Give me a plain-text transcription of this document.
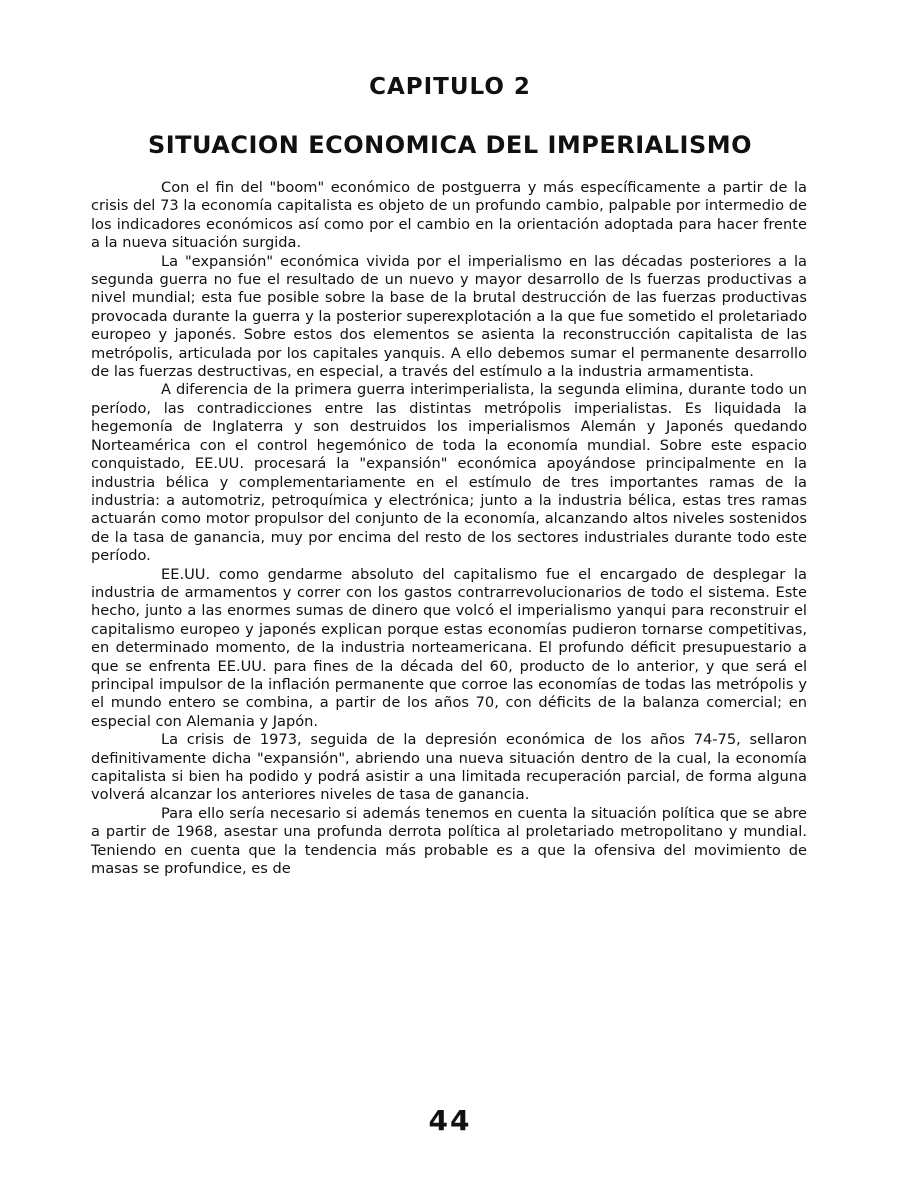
CAPITULO 2
SITUACION ECONOMICA DEL IMPERIALISMO

Con el fin del "boom" económico de postguerra y más específicamente a partir de la crisis del 73 la economía capitalista es objeto de un profundo cambio, palpable por intermedio de los indicadores económicos así como por el cambio en la orientación adoptada para hacer frente a la nueva situación surgida.

La "expansión" económica vivida por el imperialismo en las décadas posteriores a la segunda guerra no fue el resultado de un nuevo y mayor desarrollo de ls fuerzas productivas a nivel mundial; esta fue posible sobre la base de la brutal destrucción de las fuerzas productivas provocada durante la guerra y la posterior superexplotación a la que fue sometido el proletariado europeo y japonés. Sobre estos dos elementos se asienta la reconstrucción capitalista de las metrópolis, articulada por los capitales yanquis. A ello debemos sumar el permanente desarrollo de las fuerzas destructivas, en especial, a través del estímulo a la industria armamentista.

A diferencia de la primera guerra interimperialista, la segunda elimina, durante todo un período, las contradicciones entre las distintas metrópolis imperialistas. Es liquidada la hegemonía de Inglaterra y son destruidos los imperialismos Alemán y Japonés quedando Norteamérica con el control hegemónico de toda la economía mundial. Sobre este espacio conquistado, EE.UU. procesará la "expansión" económica apoyándose principalmente en la industria bélica y complementariamente en el estímulo de tres importantes ramas de la industria: a automotriz, petroquímica y electrónica; junto a la industria bélica, estas tres ramas actuarán como motor propulsor del conjunto de la economía, alcanzando altos niveles sostenidos de la tasa de ganancia, muy por encima del resto de los sectores industriales durante todo este período.

EE.UU. como gendarme absoluto del capitalismo fue el encargado de desplegar la industria de armamentos y correr con los gastos contrarrevolucionarios de todo el sistema. Este hecho, junto a las enormes sumas de dinero que volcó el imperialismo yanqui para reconstruir el capitalismo europeo y japonés explican porque estas economías pudieron tornarse competitivas, en determinado momento, de la industria norteamericana. El profundo déficit presupuestario a que se enfrenta EE.UU. para fines de la década del 60, producto de lo anterior, y que será el principal impulsor de la inflación permanente que corroe las economías de todas las metrópolis y el mundo entero se combina, a partir de los años 70, con déficits de la balanza comercial; en especial con Alemania y Japón.

La crisis de 1973, seguida de la depresión económica de los años 74-75, sellaron definitivamente dicha "expansión", abriendo una nueva situación dentro de la cual, la economía capitalista si bien ha podido y podrá asistir a una limitada recuperación parcial, de forma alguna volverá alcanzar los anteriores niveles de tasa de ganancia.

Para ello sería necesario si además tenemos en cuenta la situación política que se abre a partir de 1968, asestar una profunda derrota política al proletariado metropolitano y mundial. Teniendo en cuenta que la tendencia más probable es a que la ofensiva del movimiento de masas se profundice, es de

44
